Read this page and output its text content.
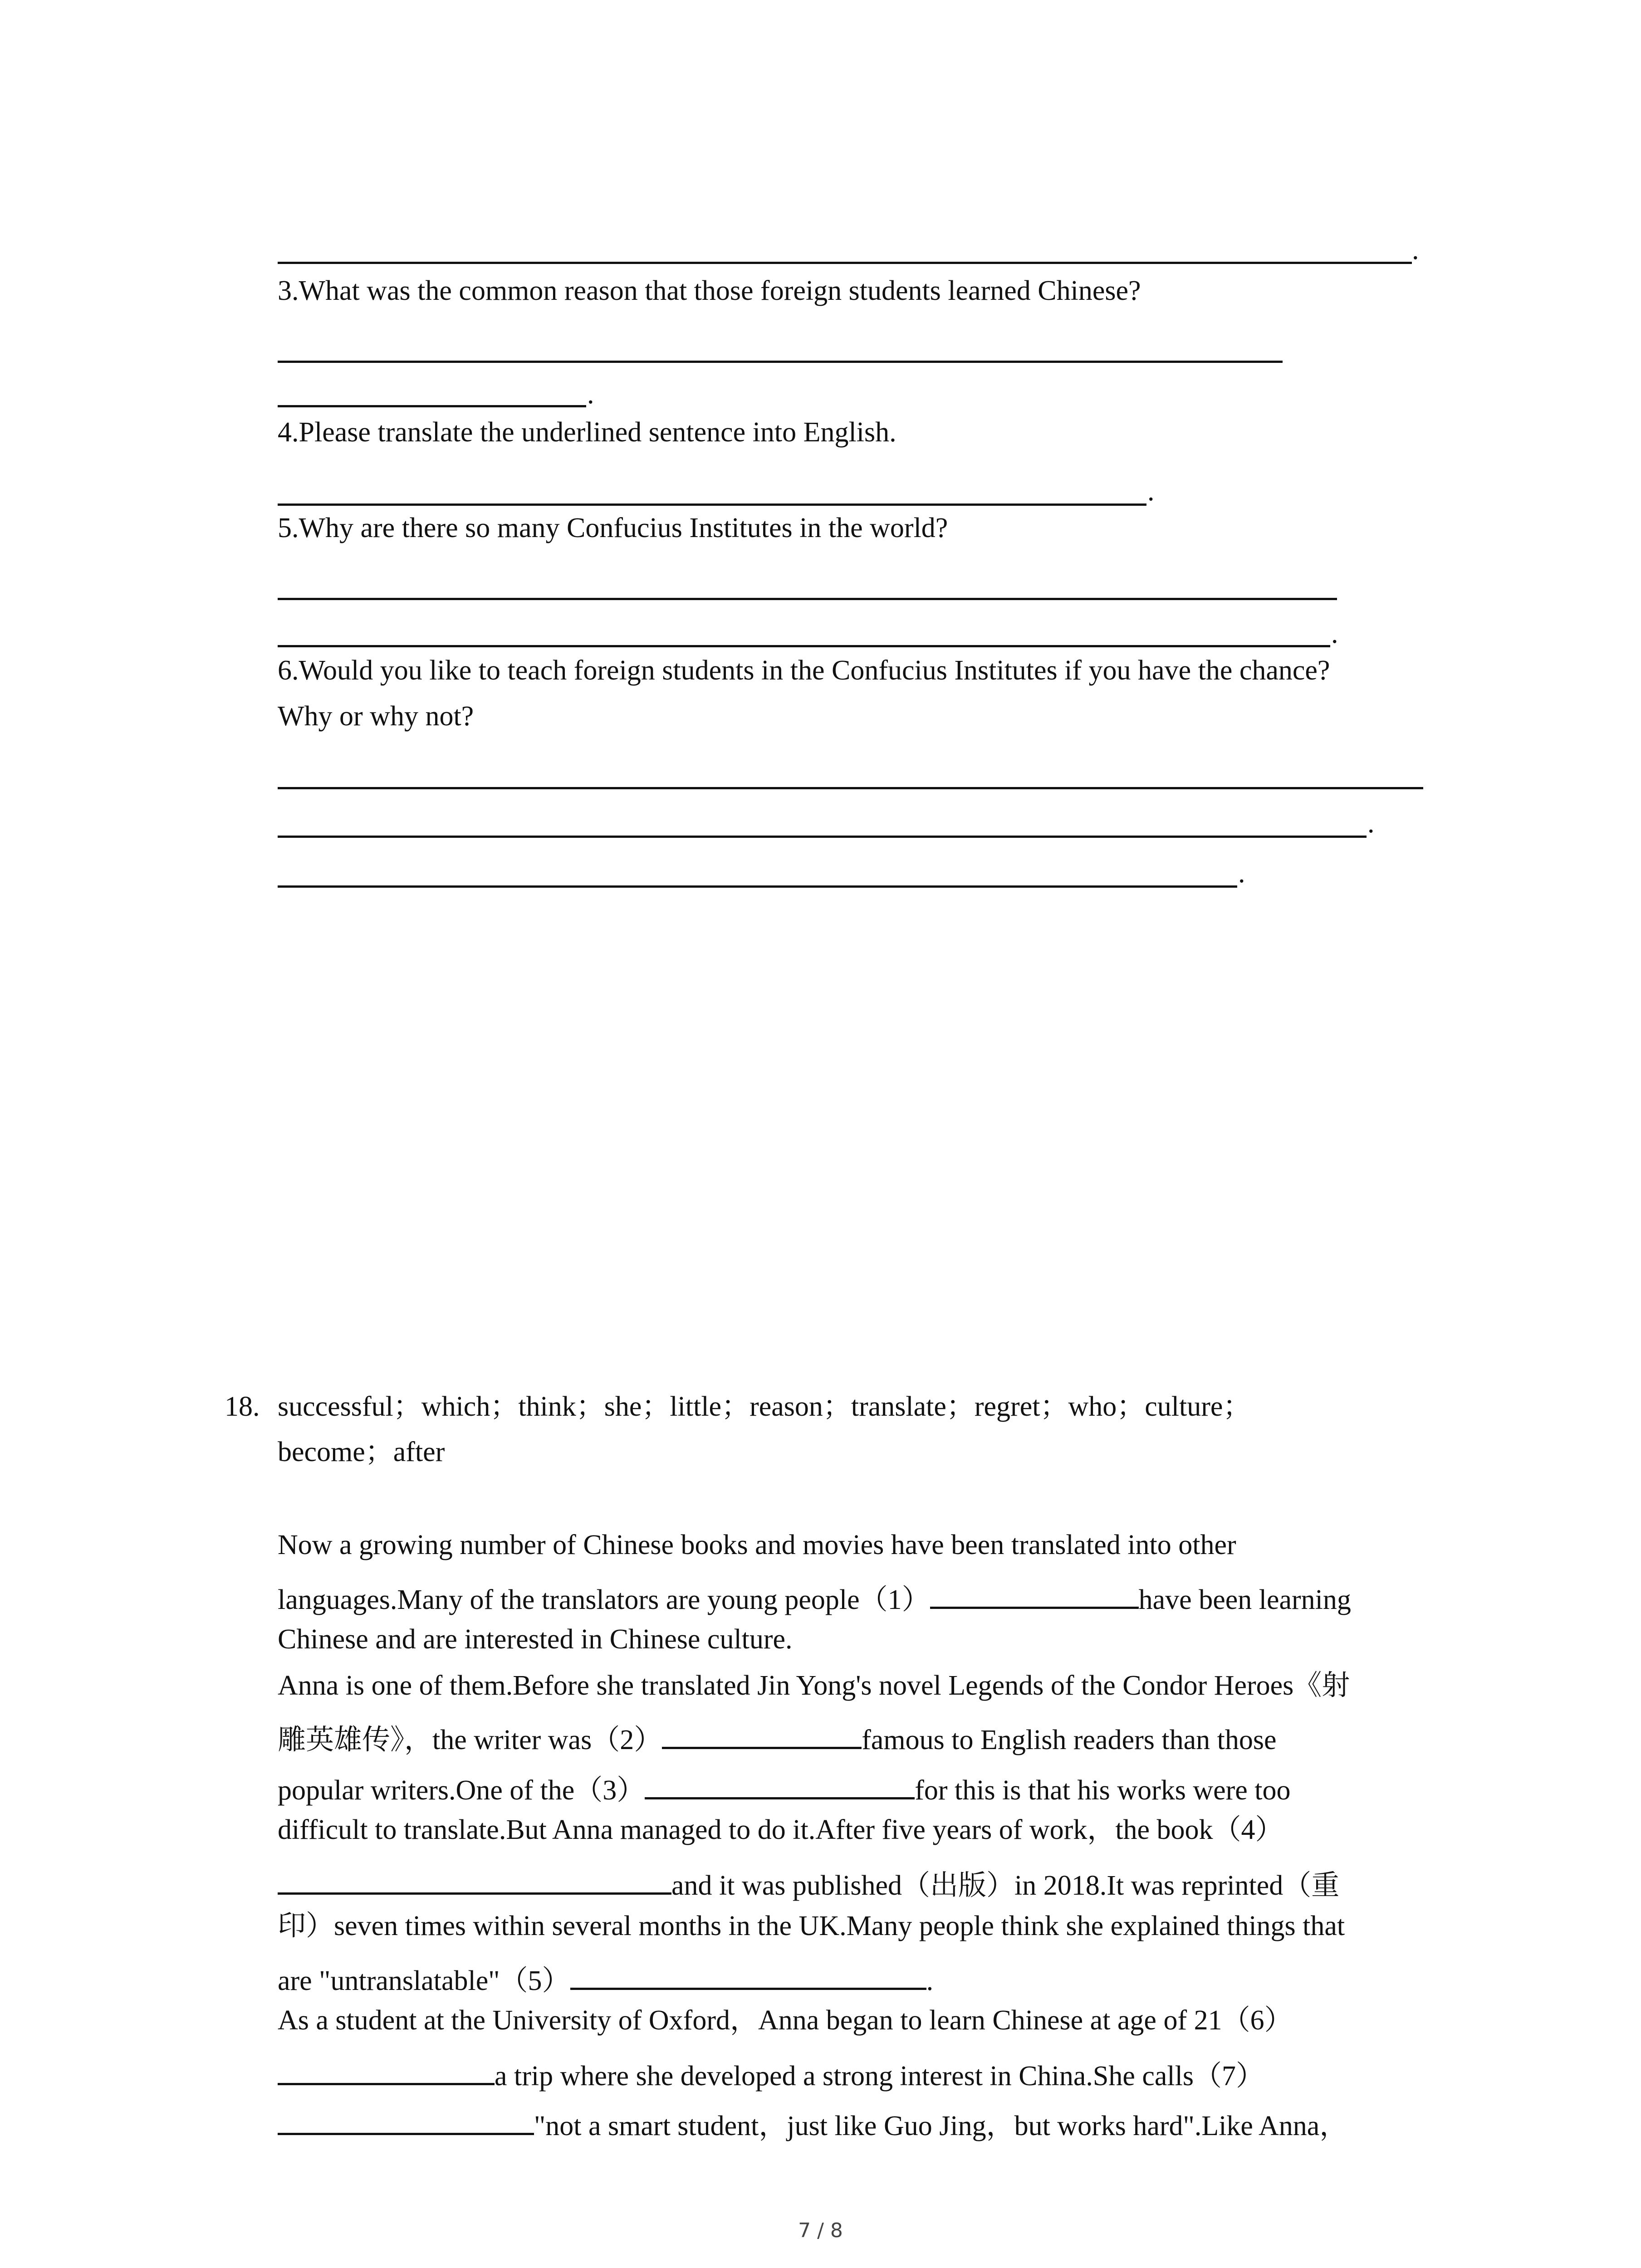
.
3.What was the common reason that those foreign students learned Chinese?
.
4.Please translate the underlined sentence into English.
.
5.Why are there so many Confucius Institutes in the world?
.
6.Would you like to teach foreign students in the Confucius Institutes if you have the chance?
Why or why not?
.
.
18. successful；which；think；she；little；reason；translate；regret；who；culture；
become；after
Now a growing number of Chinese books and movies have been translated into other
languages.Many of the translators are young people（1）	have been learning
Chinese and are interested in Chinese culture.
Anna is one of them.Before she translated Jin Yong's novel Legends of the Condor Heroes《射
雕英雄传》，the writer was（2）	famous to English readers than those
popular writers.One of the（3）	for this is that his works were too
difficult to translate.But Anna managed to do it.After five years of work，the book（4）
and it was published（出版）in 2018.It was reprinted（重
印）seven times within several months in the UK.Many people think she explained things that
are "untranslatable"（5）	.
As a student at the University of Oxford，Anna began to learn Chinese at age of 21（6）
a trip where she developed a strong interest in China.She calls（7）
"not a smart student，just like Guo Jing，but works hard".Like Anna，
7 / 8
